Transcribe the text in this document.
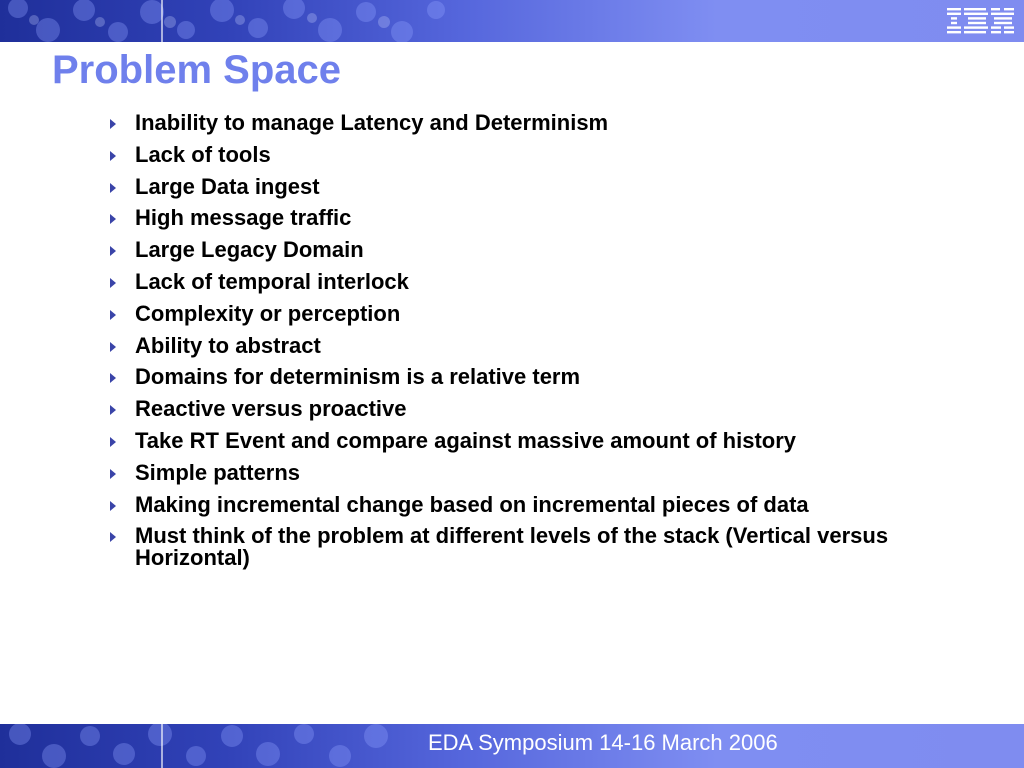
Problem Space
Inability to manage Latency and Determinism
Lack of tools
Large Data ingest
High message traffic
Large Legacy Domain
Lack of temporal interlock
Complexity or perception
Ability to abstract
Domains for determinism is a relative term
Reactive versus proactive
Take RT Event and compare against massive amount of history
Simple patterns
Making incremental change based on incremental pieces of data
Must think of the problem at different levels of the stack (Vertical versus Horizontal)
EDA Symposium 14-16 March 2006
